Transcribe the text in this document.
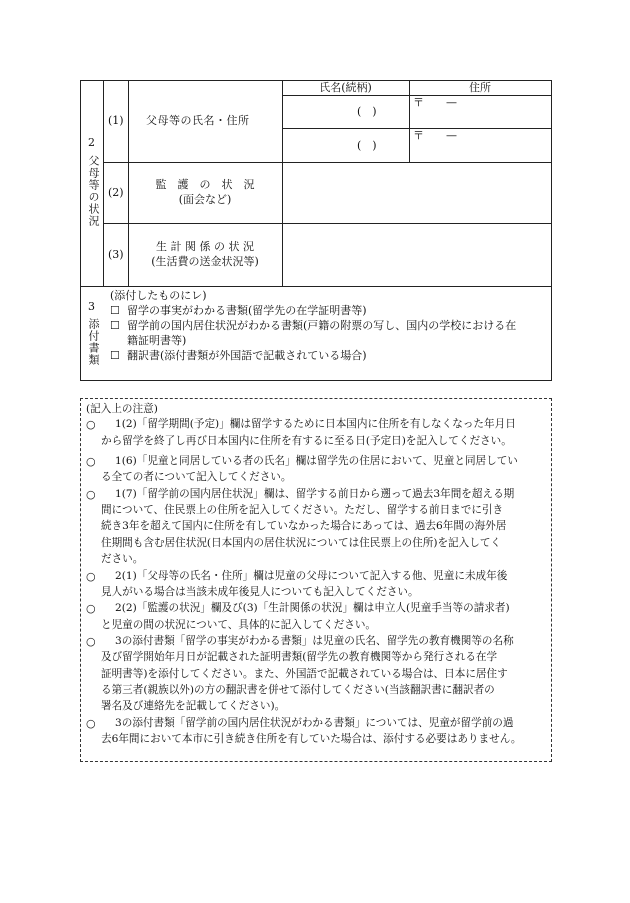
2
父母等の状況
氏名(続柄)	住所
(1) 父母等の氏名・住所
(　)
(　)
〒　　—
〒　　—
(2)
監　護　の　状　況
(面会など)
(3)
生 計 関 係 の 状 況
(生活費の送金状況等)
3
添付書類
(添付したものにレ)
☐ 留学の事実がわかる書類(留学先の在学証明書等)
☐ 留学前の国内居住状況がわかる書類(戸籍の附票の写し、国内の学校における在
籍証明書等)
☐ 翻訳書(添付書類が外国語で記載されている場合)
(記入上の注意)
○
○
○
○
○
○
○
1(2)「留学期間(予定)」欄は留学するために日本国内に住所を有しなくなった年月日
から留学を終了し再び日本国内に住所を有するに至る日(予定日)を記入してください。
1(6)「児童と同居している者の氏名」欄は留学先の住居において、児童と同居してい
る全ての者について記入してください。
1(7)「留学前の国内居住状況」欄は、留学する前日から遡って過去3年間を超える期
間について、住民票上の住所を記入してください。ただし、留学する前日までに引き
続き3年を超えて国内に住所を有していなかった場合にあっては、過去6年間の海外居
住期間も含む居住状況(日本国内の居住状況については住民票上の住所)を記入してく
ださい。
2(1)「父母等の氏名・住所」欄は児童の父母について記入する他、児童に未成年後
見人がいる場合は当該未成年後見人についても記入してください。
2(2)「監護の状況」欄及び(3)「生計関係の状況」欄は申立人(児童手当等の請求者)
と児童の間の状況について、具体的に記入してください。
3の添付書類「留学の事実がわかる書類」は児童の氏名、留学先の教育機関等の名称
及び留学開始年月日が記載された証明書類(留学先の教育機関等から発行される在学
証明書等)を添付してください。また、外国語で記載されている場合は、日本に居住す
る第三者(親族以外)の方の翻訳書を併せて添付してください(当該翻訳書に翻訳者の
署名及び連絡先を記載してください)。
3の添付書類「留学前の国内居住状況がわかる書類」については、児童が留学前の過
去6年間において本市に引き続き住所を有していた場合は、添付する必要はありません。
